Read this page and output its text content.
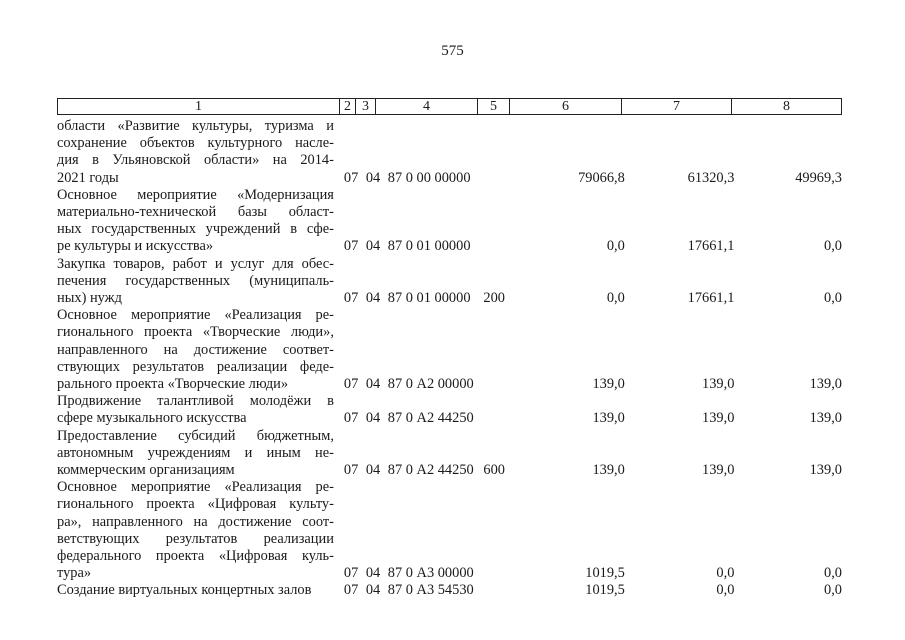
575
1	2 3	4	5	6	7	8
области «Развитие культуры, туризма и
сохранение объектов культурного насле-
дия в Ульяновской области» на 2014-
2021 годы	07 04 87 0 00 00000	79066,8	61320,3	49969,3
Основное мероприятие «Модернизация
материально-технической базы област-
ных государственных учреждений в сфе-
ре культуры и искусства»	07 04 87 0 01 00000	0,0	17661,1	0,0
Закупка товаров, работ и услуг для обес-
печения государственных (муниципаль-
ных) нужд	07 04 87 0 01 00000 200	0,0	17661,1	0,0
Основное мероприятие «Реализация ре-
гионального проекта «Творческие люди»,
направленного на достижение соответ-
ствующих результатов реализации феде-
рального проекта «Творческие люди»	07 04 87 0 А2 00000	139,0	139,0	139,0
Продвижение талантливой молодёжи в
сфере музыкального искусства	07 04 87 0 А2 44250	139,0	139,0	139,0
Предоставление субсидий бюджетным,
автономным учреждениям и иным не-
коммерческим организациям	07 04 87 0 А2 44250 600	139,0	139,0	139,0
Основное мероприятие «Реализация ре-
гионального проекта «Цифровая культу-
ра», направленного на достижение соот-
ветствующих результатов реализации
федерального проекта «Цифровая куль-
тура»	07 04 87 0 А3 00000	1019,5	0,0	0,0
Создание виртуальных концертных залов	07 04 87 0 А3 54530	1019,5	0,0	0,0
